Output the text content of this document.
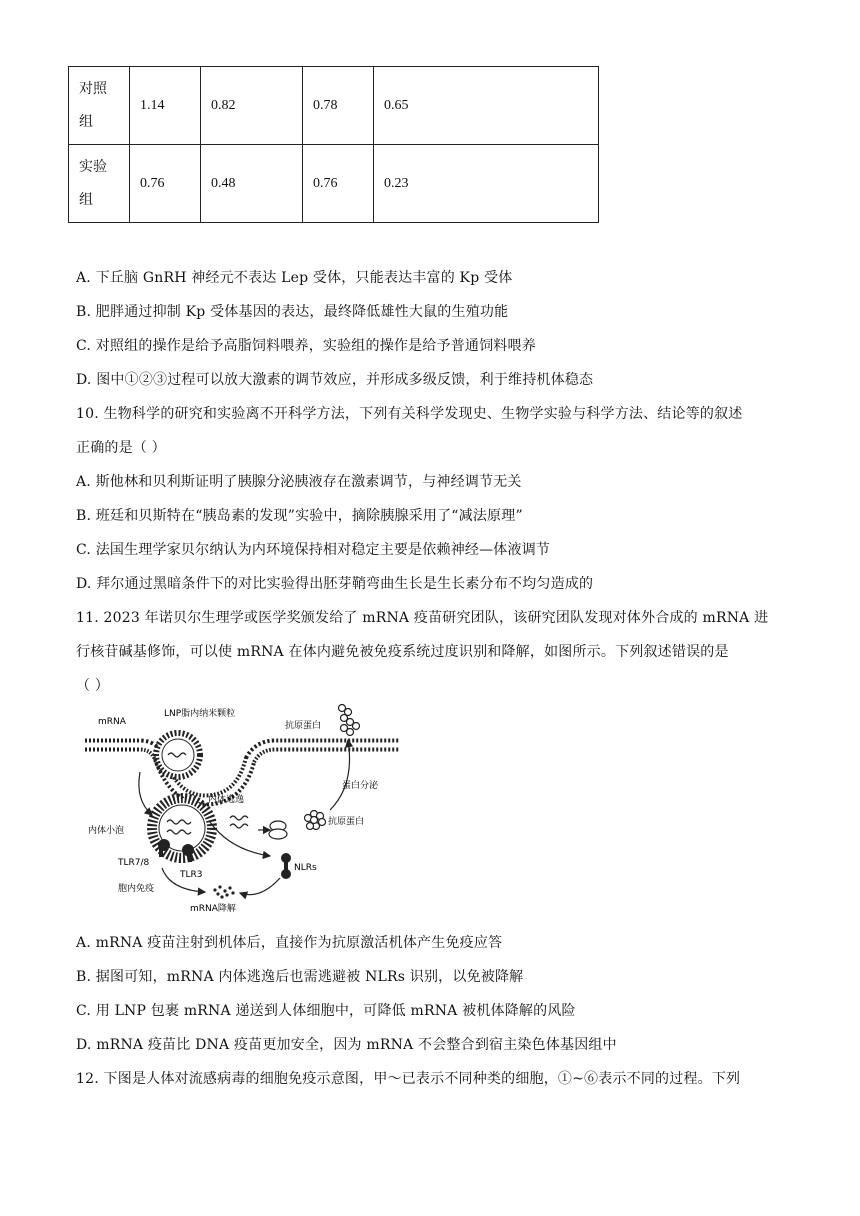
对照
组	1.14	0.82	0.78	0.65
实验
组	0.76	0.48	0.76	0.23
A. 下丘脑 GnRH 神经元不表达 Lep 受体，只能表达丰富的 Kp 受体
B. 肥胖通过抑制 Kp 受体基因的表达，最终降低雄性大鼠的生殖功能
C. 对照组的操作是给予高脂饲料喂养，实验组的操作是给予普通饲料喂养
D. 图中①②③过程可以放大激素的调节效应，并形成多级反馈，利于维持机体稳态
10. 生物科学的研究和实验离不开科学方法，下列有关科学发现史、生物学实验与科学方法、结论等的叙述
正确的是（ ）
A. 斯他林和贝利斯证明了胰腺分泌胰液存在激素调节，与神经调节无关
B. 班廷和贝斯特在“胰岛素的发现”实验中，摘除胰腺采用了“减法原理”
C. 法国生理学家贝尔纳认为内环境保持相对稳定主要是依赖神经—体液调节
D. 拜尔通过黑暗条件下的对比实验得出胚芽鞘弯曲生长是生长素分布不均匀造成的
11. 2023 年诺贝尔生理学或医学奖颁发给了 mRNA 疫苗研究团队，该研究团队发现对体外合成的 mRNA 进
行核苷碱基修饰，可以使 mRNA 在体内避免被免疫系统过度识别和降解，如图所示。下列叙述错误的是
（ ）
mRNA
LNP脂内纳米颗粒
抗原蛋白
蛋白分泌
内体逃逸
内体小泡
抗原蛋白
TLR7/8
TLR3
NLRs
胞内免疫
mRNA降解
A. mRNA 疫苗注射到机体后，直接作为抗原激活机体产生免疫应答
B. 据图可知，mRNA 内体逃逸后也需逃避被 NLRs 识别，以免被降解
C. 用 LNP 包裹 mRNA 递送到人体细胞中，可降低 mRNA 被机体降解的风险
D. mRNA 疫苗比 DNA 疫苗更加安全，因为 mRNA 不会整合到宿主染色体基因组中
12. 下图是人体对流感病毒的细胞免疫示意图，甲～已表示不同种类的细胞，①~⑥表示不同的过程。下列
